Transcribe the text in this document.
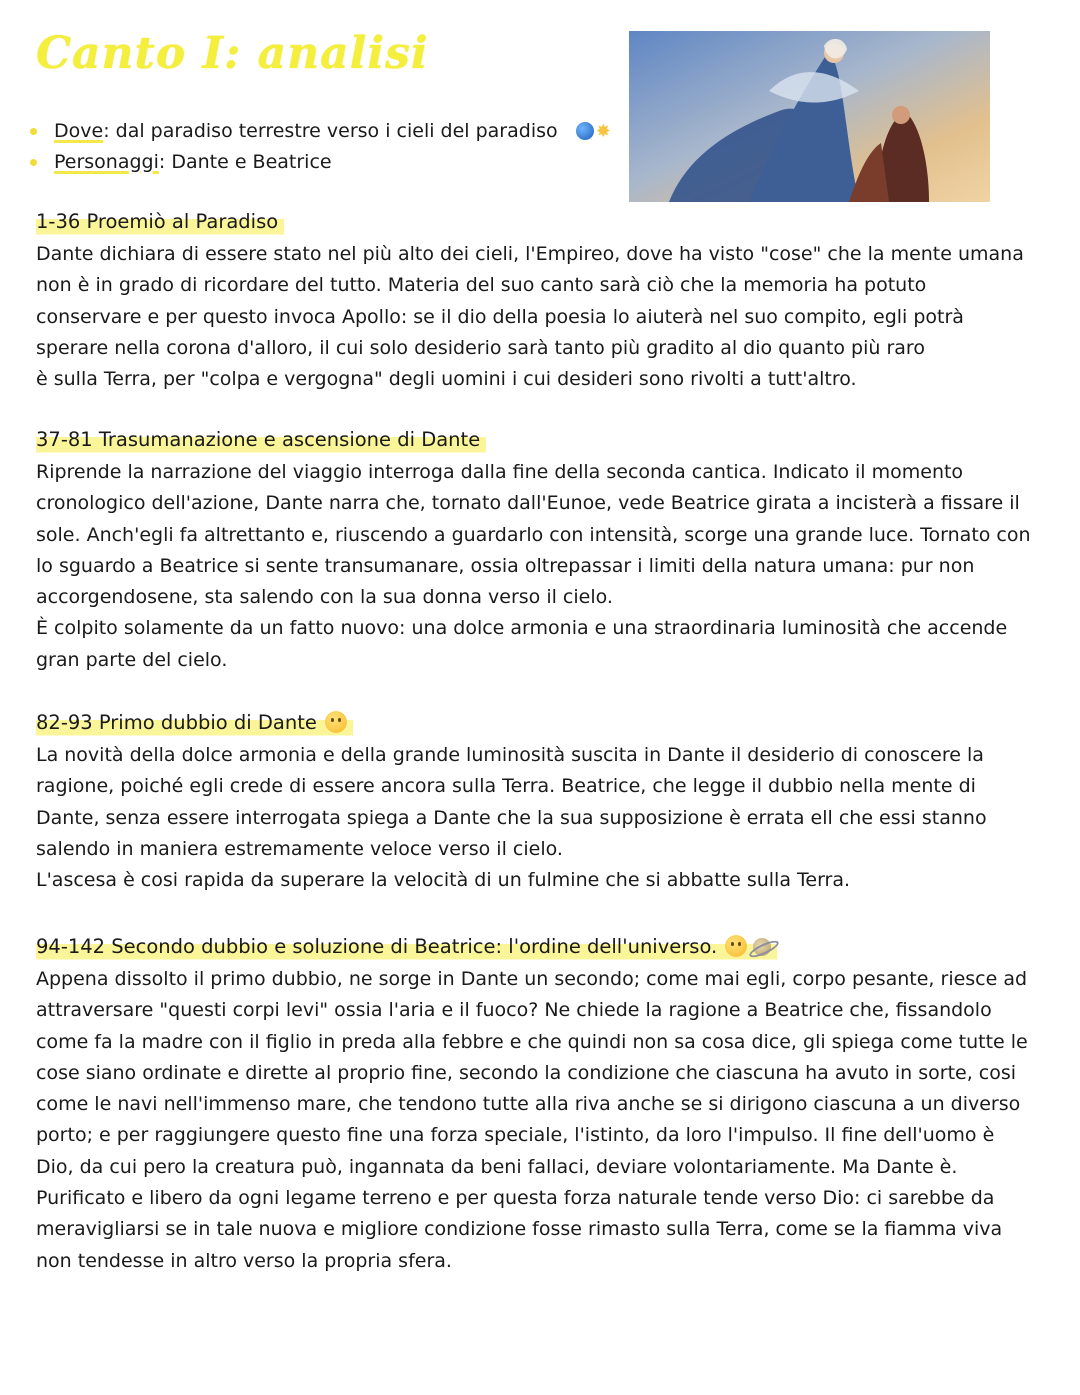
Canto I: analisi
Dove: dal paradiso terrestre verso i cieli del paradiso ✸
Personaggi: Dante e Beatrice
1-36 Proemiò al Paradiso

Dante dichiara di essere stato nel più alto dei cieli, l'Empireo, dove ha visto "cose" che la mente umana non è in grado di ricordare del tutto. Materia del suo canto sarà ciò che la memoria ha potuto conservare e per questo invoca Apollo: se il dio della poesia lo aiuterà nel suo compito, egli potrà sperare nella corona d'alloro, il cui solo desiderio sarà tanto più gradito al dio quanto più raro

è sulla Terra, per "colpa e vergogna" degli uomini i cui desideri sono rivolti a tutt'altro.

37-81 Trasumanazione e ascensione di Dante

Riprende la narrazione del viaggio interroga dalla fine della seconda cantica. Indicato il momento cronologico dell'azione, Dante narra che, tornato dall'Eunoe, vede Beatrice girata a inciste​rà a fissare il sole. Anch'egli fa altrettanto e, riuscendo a guardarlo con intensità, scorge una grande luce. Tornato con lo sguardo a Beatrice si sente transumanare, ossia oltrepassar i limiti della natura umana: pur non accorgendosene, sta salendo con la sua donna verso il cielo.

È colpito solamente da un fatto nuovo: una dolce armonia e una straordinaria luminosità che accende gran parte del cielo.

82-93 Primo dubbio di Dante

La novità della dolce armonia e della grande luminosità suscita in Dante il desiderio di conoscere la ragione, poiché egli crede di essere ancora sulla Terra. Beatrice, che legge il dubbio nella mente di Dante, senza essere interrogata spiega a Dante che la sua supposizione è errata ell che essi stanno salendo in maniera estremamente veloce verso il cielo.

L'ascesa è cosi rapida da superare la velocità di un fulmine che si abbatte sulla Terra.

94-142 Secondo dubbio e soluzione di Beatrice: l'ordine dell'universo.

Appena dissolto il primo dubbio, ne sorge in Dante un secondo; come mai egli, corpo pesante, riesce ad attraversare "questi corpi levi" ossia l'aria e il fuoco? Ne chiede la ragione a Beatrice che, fissandolo come fa la madre con il figlio in preda alla febbre e che quindi non sa cosa dice, gli spiega come tutte le cose siano ordinate e dirette al proprio fine, secondo la condizione che ciascuna ha avuto in sorte, cosi come le navi nell'immenso mare, che tendono tutte alla riva anche se si dirigono ciascuna a un diverso porto; e per raggiungere questo fine una forza speciale, l'istinto, da loro l'impulso. Il fine dell'uomo è Dio, da cui pero la creatura può, ingannata da beni fallaci, deviare volontariamente. Ma Dante è. Purificato e libero da ogni legame terreno e per questa forza naturale tende verso Dio: ci sarebbe da meravigliarsi se in tale nuova e migliore condizione fosse rimasto sulla Terra, come se la fiamma viva non tendesse in altro verso la propria sfera.
